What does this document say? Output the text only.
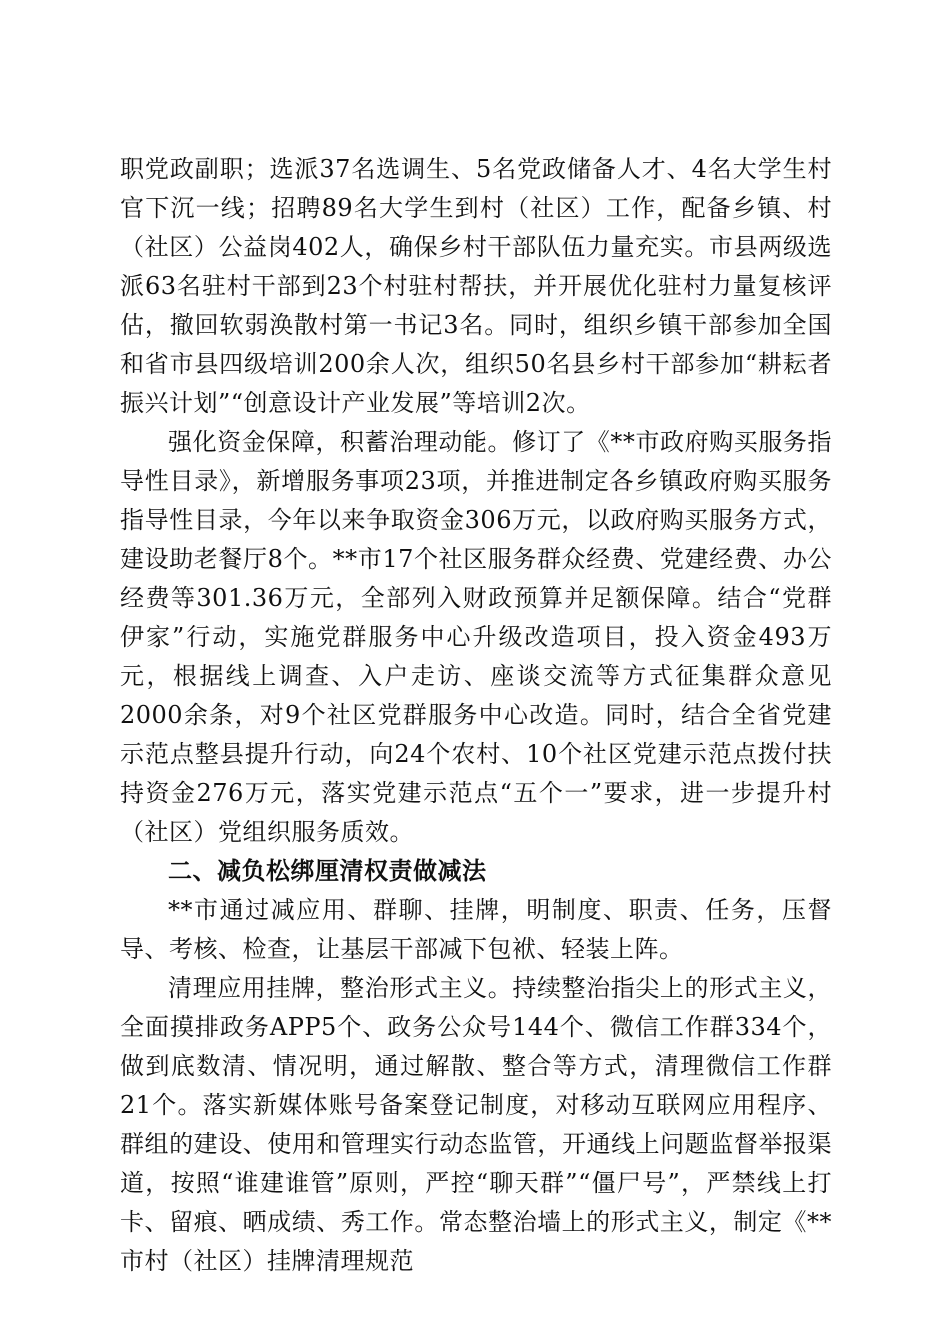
职党政副职；选派37名选调生、5名党政储备人才、4名大学生村官下沉一线；招聘89名大学生到村（社区）工作，配备乡镇、村（社区）公益岗402人，确保乡村干部队伍力量充实。市县两级选派63名驻村干部到23个村驻村帮扶，并开展优化驻村力量复核评估，撤回软弱涣散村第一书记3名。同时，组织乡镇干部参加全国和省市县四级培训200余人次，组织50名县乡村干部参加“耕耘者振兴计划”“创意设计产业发展”等培训2次。

强化资金保障，积蓄治理动能。修订了《**市政府购买服务指导性目录》，新增服务事项23项，并推进制定各乡镇政府购买服务指导性目录，今年以来争取资金306万元，以政府购买服务方式，建设助老餐厅8个。**市17个社区服务群众经费、党建经费、办公经费等301.36万元，全部列入财政预算并足额保障。结合“党群伊家”行动，实施党群服务中心升级改造项目，投入资金493万元，根据线上调查、入户走访、座谈交流等方式征集群众意见2000余条，对9个社区党群服务中心改造。同时，结合全省党建示范点整县提升行动，向24个农村、10个社区党建示范点拨付扶持资金276万元，落实党建示范点“五个一”要求，进一步提升村（社区）党组织服务质效。

二、减负松绑厘清权责做减法

**市通过减应用、群聊、挂牌，明制度、职责、任务，压督导、考核、检查，让基层干部减下包袱、轻装上阵。

清理应用挂牌，整治形式主义。持续整治指尖上的形式主义，全面摸排政务APP5个、政务公众号144个、微信工作群334个，做到底数清、情况明，通过解散、整合等方式，清理微信工作群21个。落实新媒体账号备案登记制度，对移动互联网应用程序、群组的建设、使用和管理实行动态监管，开通线上问题监督举报渠道，按照“谁建谁管”原则，严控“聊天群”“僵尸号”，严禁线上打卡、留痕、晒成绩、秀工作。常态整治墙上的形式主义，制定《**市村（社区）挂牌清理规范
